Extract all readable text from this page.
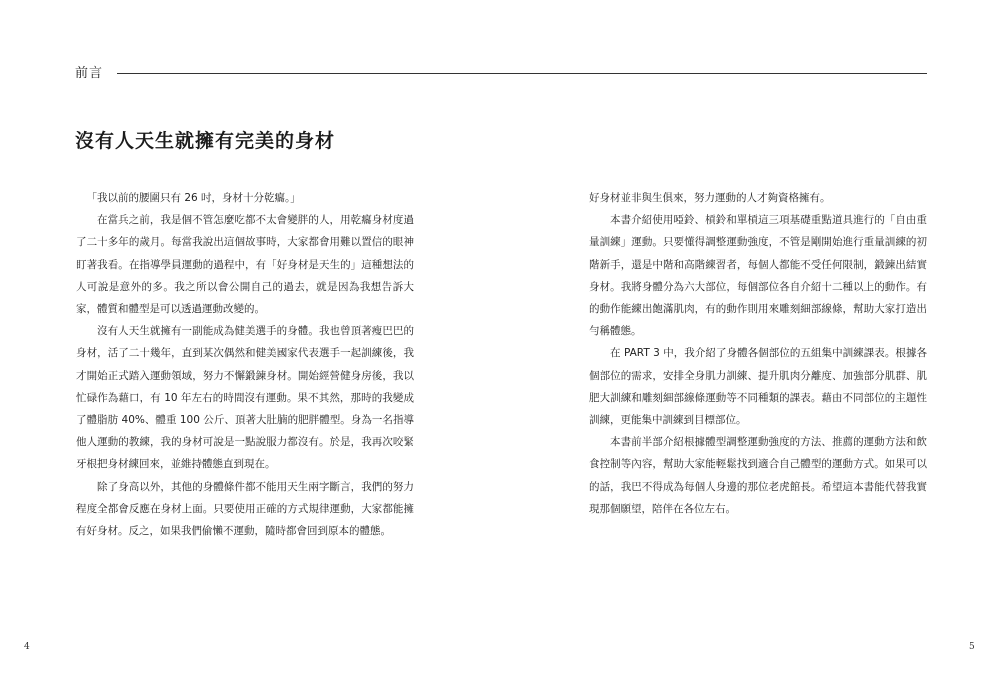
前言
沒有人天生就擁有完美的身材

「我以前的腰圍只有 26 吋，身材十分乾癟。」

在當兵之前，我是個不管怎麼吃都不太會變胖的人，用乾癟身材度過了二十多年的歲月。每當我說出這個故事時，大家都會用難以置信的眼神盯著我看。在指導學員運動的過程中，有「好身材是天生的」這種想法的人可說是意外的多。我之所以會公開自己的過去，就是因為我想告訴大家，體質和體型是可以透過運動改變的。

沒有人天生就擁有一副能成為健美選手的身體。我也曾頂著瘦巴巴的身材，活了二十幾年，直到某次偶然和健美國家代表選手一起訓練後，我才開始正式踏入運動領域，努力不懈鍛鍊身材。開始經營健身房後，我以忙碌作為藉口，有 10 年左右的時間沒有運動。果不其然，那時的我變成了體脂肪 40%、體重 100 公斤、頂著大肚腩的肥胖體型。身為一名指導他人運動的教練，我的身材可說是一點說服力都沒有。於是，我再次咬緊牙根把身材練回來，並維持體態直到現在。

除了身高以外，其他的身體條件都不能用天生兩字斷言，我們的努力程度全都會反應在身材上面。只要使用正確的方式規律運動，大家都能擁有好身材。反之，如果我們偷懶不運動，隨時都會回到原本的體態。

好身材並非與生俱來，努力運動的人才夠資格擁有。

本書介紹使用啞鈴、槓鈴和單槓這三項基礎重點道具進行的「自由重量訓練」運動。只要懂得調整運動強度，不管是剛開始進行重量訓練的初階新手，還是中階和高階練習者，每個人都能不受任何限制，鍛鍊出結實身材。我將身體分為六大部位，每個部位各自介紹十二種以上的動作。有的動作能練出飽滿肌肉，有的動作則用來雕刻細部線條，幫助大家打造出勻稱體態。

在 PART 3 中，我介紹了身體各個部位的五組集中訓練課表。根據各個部位的需求，安排全身肌力訓練、提升肌肉分離度、加強部分肌群、肌肥大訓練和雕刻細部線條運動等不同種類的課表。藉由不同部位的主題性訓練，更能集中訓練到目標部位。

本書前半部介紹根據體型調整運動強度的方法、推薦的運動方法和飲食控制等內容，幫助大家能輕鬆找到適合自己體型的運動方式。如果可以的話，我巴不得成為每個人身邊的那位老虎館長。希望這本書能代替我實現那個願望，陪伴在各位左右。

4	5
